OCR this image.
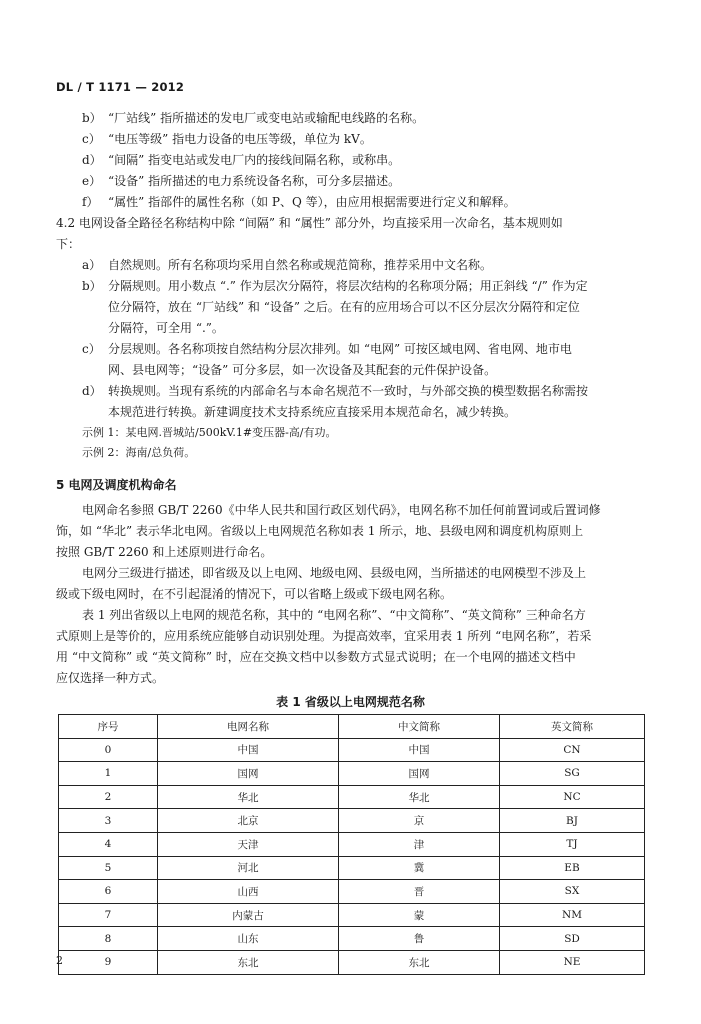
DL / T 1171 — 2012
b） “厂站线” 指所描述的发电厂或变电站或输配电线路的名称。
c） “电压等级” 指电力设备的电压等级，单位为 kV。
d） “间隔” 指变电站或发电厂内的接线间隔名称，或称串。
e） “设备” 指所描述的电力系统设备名称，可分多层描述。
f） “属性” 指部件的属性名称（如 P、Q 等），由应用根据需要进行定义和解释。
4.2 电网设备全路径名称结构中除 “间隔” 和 “属性” 部分外，均直接采用一次命名，基本规则如
下：
a） 自然规则。所有名称项均采用自然名称或规范简称，推荐采用中文名称。
b） 分隔规则。用小数点 “.” 作为层次分隔符，将层次结构的名称项分隔；用正斜线 “/” 作为定
位分隔符，放在 “厂站线” 和 “设备” 之后。在有的应用场合可以不区分层次分隔符和定位
分隔符，可全用 “.”。
c） 分层规则。各名称项按自然结构分层次排列。如 “电网” 可按区域电网、省电网、地市电
网、县电网等；“设备” 可分多层，如一次设备及其配套的元件保护设备。
d） 转换规则。当现有系统的内部命名与本命名规范不一致时，与外部交换的模型数据名称需按
本规范进行转换。新建调度技术支持系统应直接采用本规范命名，减少转换。
示例 1：某电网.晋城站/500kV.1#变压器-高/有功。
示例 2：海南/总负荷。
5 电网及调度机构命名
电网命名参照 GB/T 2260《中华人民共和国行政区划代码》，电网名称不加任何前置词或后置词修
饰，如 “华北” 表示华北电网。省级以上电网规范名称如表 1 所示，地、县级电网和调度机构原则上
按照 GB/T 2260 和上述原则进行命名。
电网分三级进行描述，即省级及以上电网、地级电网、县级电网，当所描述的电网模型不涉及上
级或下级电网时，在不引起混淆的情况下，可以省略上级或下级电网名称。
表 1 列出省级以上电网的规范名称，其中的 “电网名称”、“中文简称”、“英文简称” 三种命名方
式原则上是等价的，应用系统应能够自动识别处理。为提高效率，宜采用表 1 所列 “电网名称”，若采
用 “中文简称” 或 “英文简称” 时，应在交换文档中以参数方式显式说明；在一个电网的描述文档中
应仅选择一种方式。
表 1 省级以上电网规范名称
序号	电网名称	中文简称	英文简称
0	中国	中国	CN
1	国网	国网	SG
2	华北	华北	NC
3	北京	京	BJ
4	天津	津	TJ
5	河北	冀	EB
6	山西	晋	SX
7	内蒙古	蒙	NM
8	山东	鲁	SD
9	东北	东北	NE
2
